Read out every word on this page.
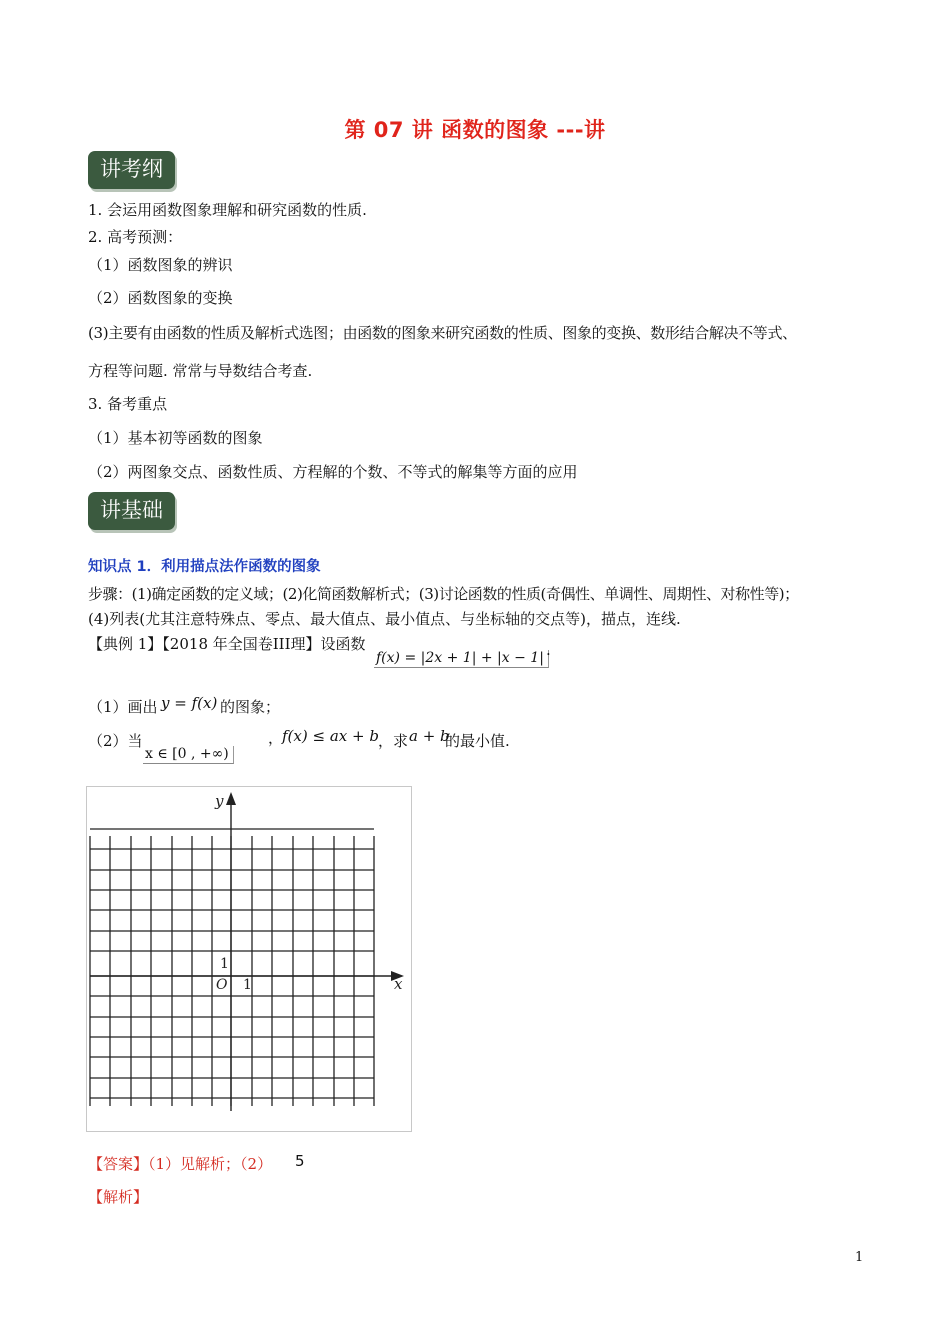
第 07 讲 函数的图象 ---讲
讲考纲
1. 会运用函数图象理解和研究函数的性质.
2. 高考预测：
（1）函数图象的辨识
（2）函数图象的变换
(3)主要有由函数的性质及解析式选图；由函数的图象来研究函数的性质、图象的变换、数形结合解决不等式、
方程等问题. 常常与导数结合考查.
3. 备考重点
（1）基本初等函数的图象
（2）两图象交点、函数性质、方程解的个数、不等式的解集等方面的应用
讲基础
知识点 1．利用描点法作函数的图象
步骤：(1)确定函数的定义域；(2)化简函数解析式；(3)讨论函数的性质(奇偶性、单调性、周期性、对称性等)；
(4)列表(尤其注意特殊点、零点、最大值点、最小值点、与坐标轴的交点等)，描点，连线.
【典例 1】【2018 年全国卷III理】设函数
f(x) = |2x + 1| + |x − 1| .
（1）画出 y = f(x) 的图象；
（2）当
x ∈ [0 , +∞)
，
f(x) ≤ ax + b ，求 a + b
的最小值.
y
x
O 1
1
【答案】（1）见解析；（2） 5
【解析】
1
